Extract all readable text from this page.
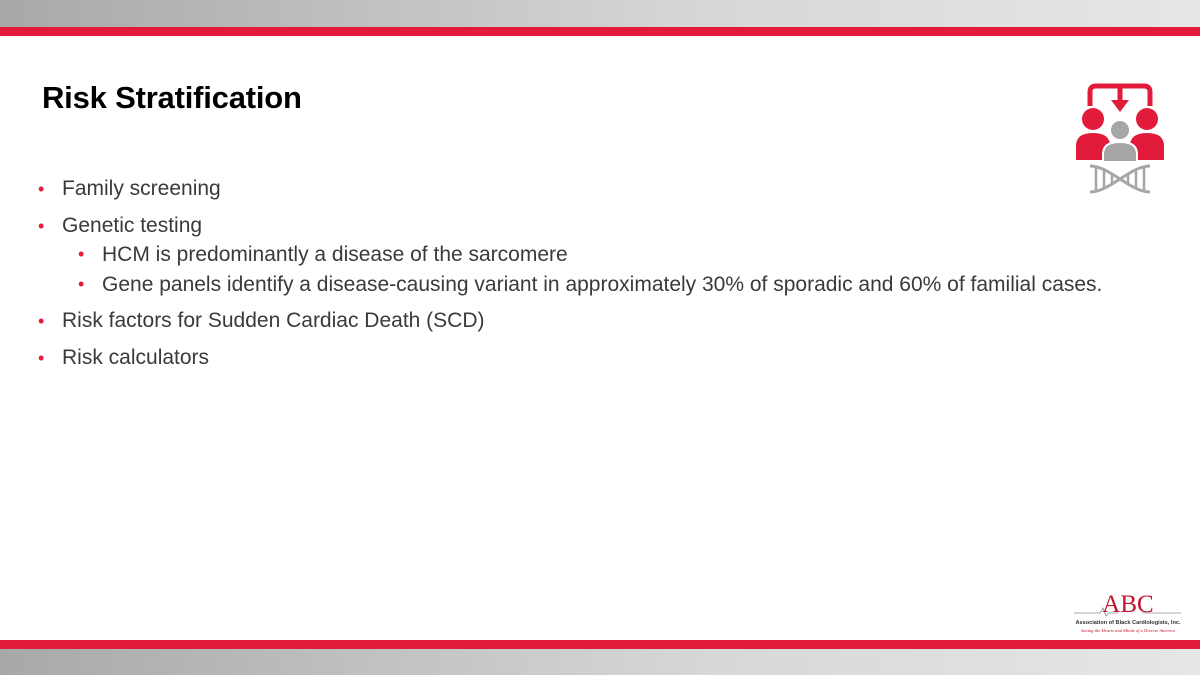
Risk Stratification
• Family screening
• Genetic testing
• HCM is predominantly a disease of the sarcomere
• Gene panels identify a disease-causing variant in approximately 30% of sporadic and 60% of familial cases.
• Risk factors for Sudden Cardiac Death (SCD)
• Risk calculators
ABC
Association of Black Cardiologists, Inc.
Saving the Hearts and Minds of a Diverse America
